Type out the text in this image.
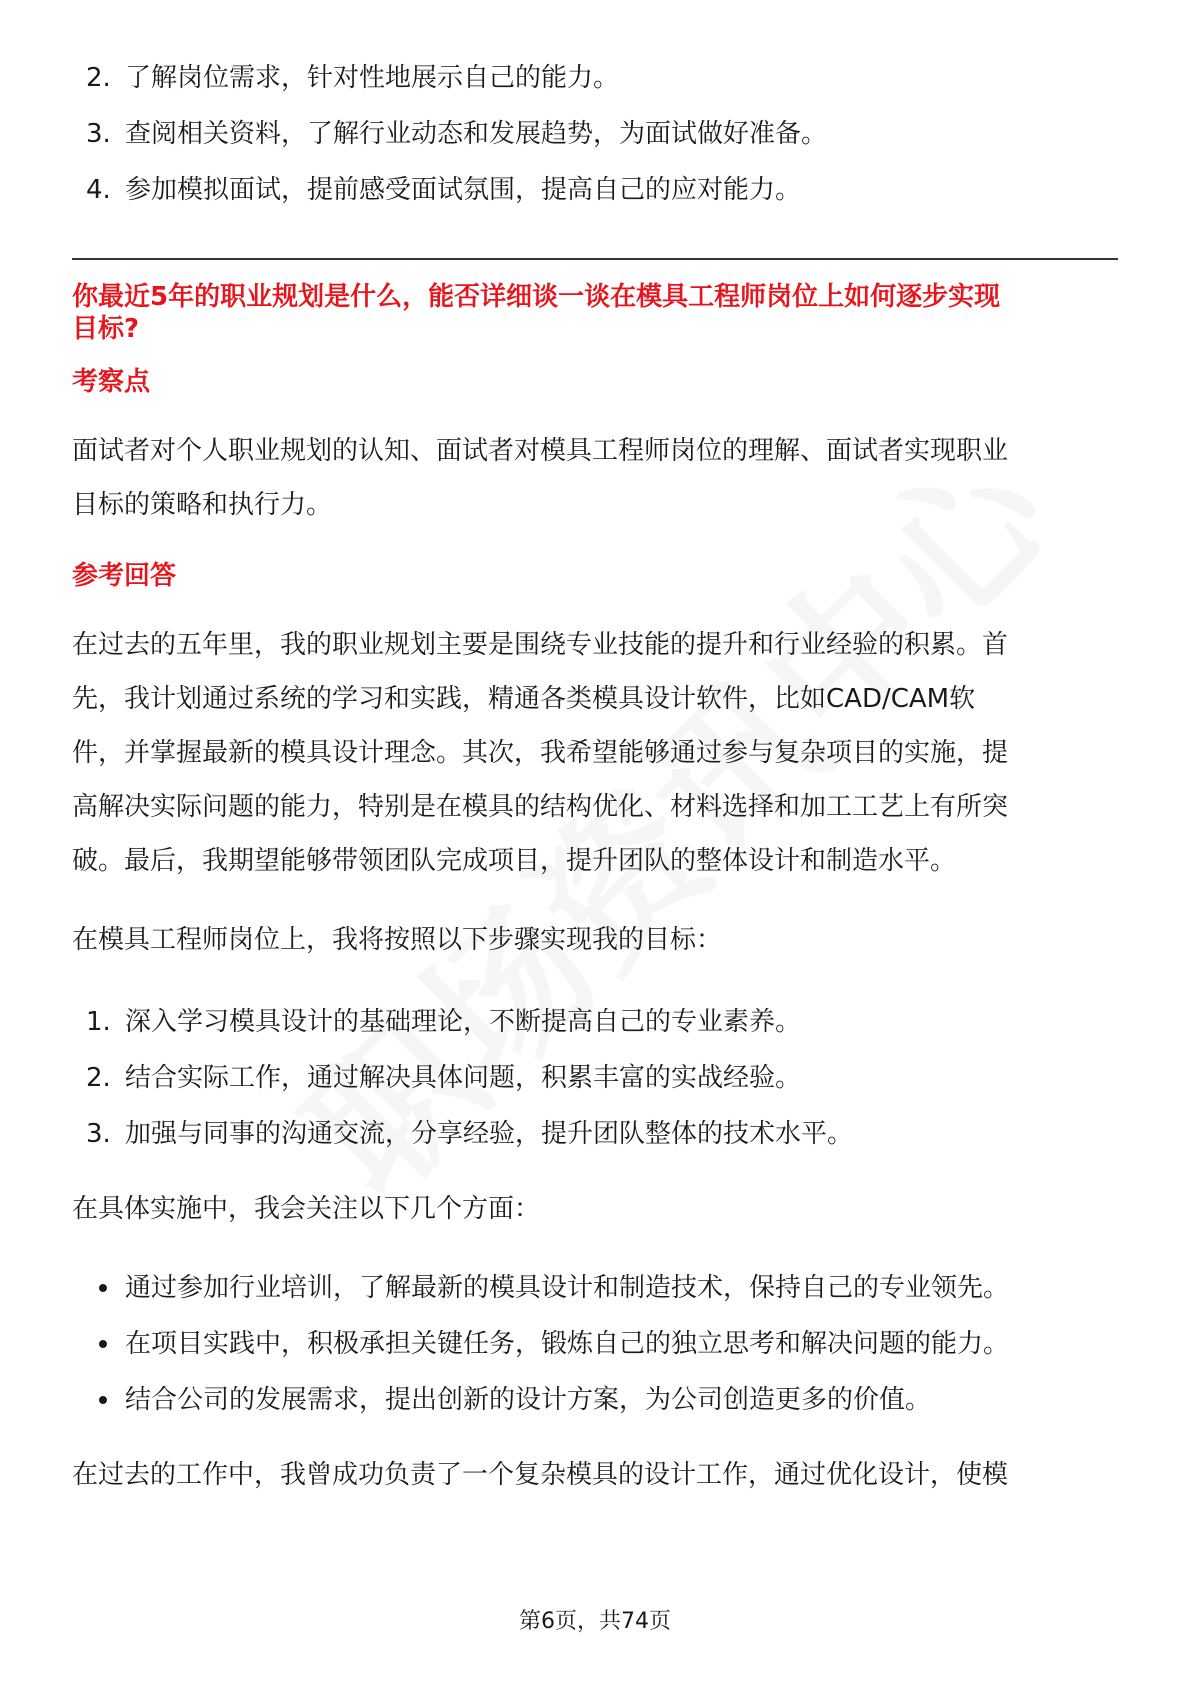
2. 了解岗位需求，针对性地展示自己的能力。
3. 查阅相关资料，了解行业动态和发展趋势，为面试做好准备。
4. 参加模拟面试，提前感受面试氛围，提高自己的应对能力。
你最近5年的职业规划是什么，能否详细谈一谈在模具工程师岗位上如何逐步实现
目标?
考察点
面试者对个人职业规划的认知、面试者对模具工程师岗位的理解、面试者实现职业
目标的策略和执行力。
参考回答
在过去的五年里，我的职业规划主要是围绕专业技能的提升和行业经验的积累。首
先，我计划通过系统的学习和实践，精通各类模具设计软件，比如CAD/CAM软
件，并掌握最新的模具设计理念。其次，我希望能够通过参与复杂项目的实施，提
高解决实际问题的能力，特别是在模具的结构优化、材料选择和加工工艺上有所突
破。最后，我期望能够带领团队完成项目，提升团队的整体设计和制造水平。
在模具工程师岗位上，我将按照以下步骤实现我的目标：
1. 深入学习模具设计的基础理论，不断提高自己的专业素养。
2. 结合实际工作，通过解决具体问题，积累丰富的实战经验。
3. 加强与同事的沟通交流，分享经验，提升团队整体的技术水平。
在具体实施中，我会关注以下几个方面：
通过参加行业培训，了解最新的模具设计和制造技术，保持自己的专业领先。
在项目实践中，积极承担关键任务，锻炼自己的独立思考和解决问题的能力。
结合公司的发展需求，提出创新的设计方案，为公司创造更多的价值。
在过去的工作中，我曾成功负责了一个复杂模具的设计工作，通过优化设计，使模
第6页，共74页
